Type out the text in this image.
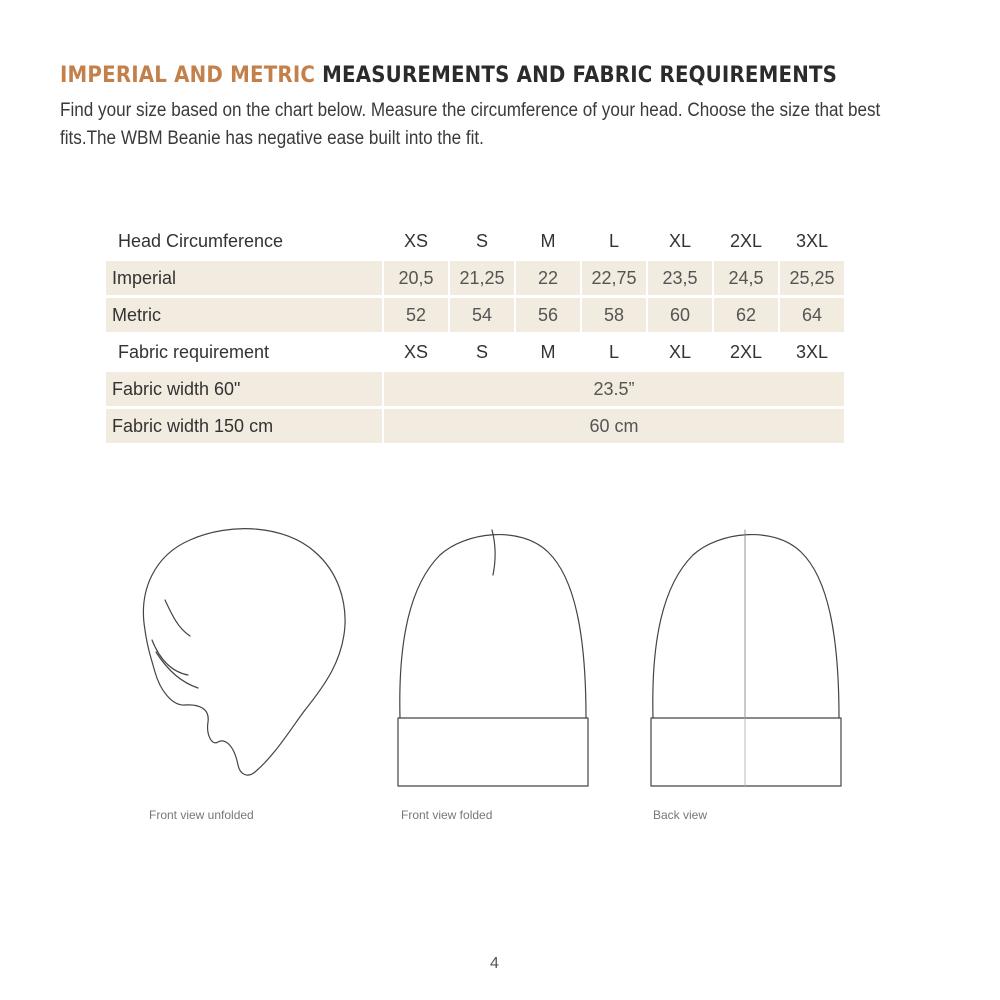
IMPERIAL AND METRIC MEASUREMENTS AND FABRIC REQUIREMENTS
Find your size based on the chart below. Measure the circumference of your head. Choose the size that best fits.The WBM Beanie has negative ease built into the fit.
Head Circumference	XS	S	M	L	XL	2XL	3XL
Imperial	20,5	21,25	22	22,75	23,5	24,5	25,25
Metric	52	54	56	58	60	62	64
Fabric requirement	XS	S	M	L	XL	2XL	3XL
Fabric width 60"	23.5”						
Fabric width 150 cm	60 cm						
Front view unfolded	Front view folded	Back view
4
